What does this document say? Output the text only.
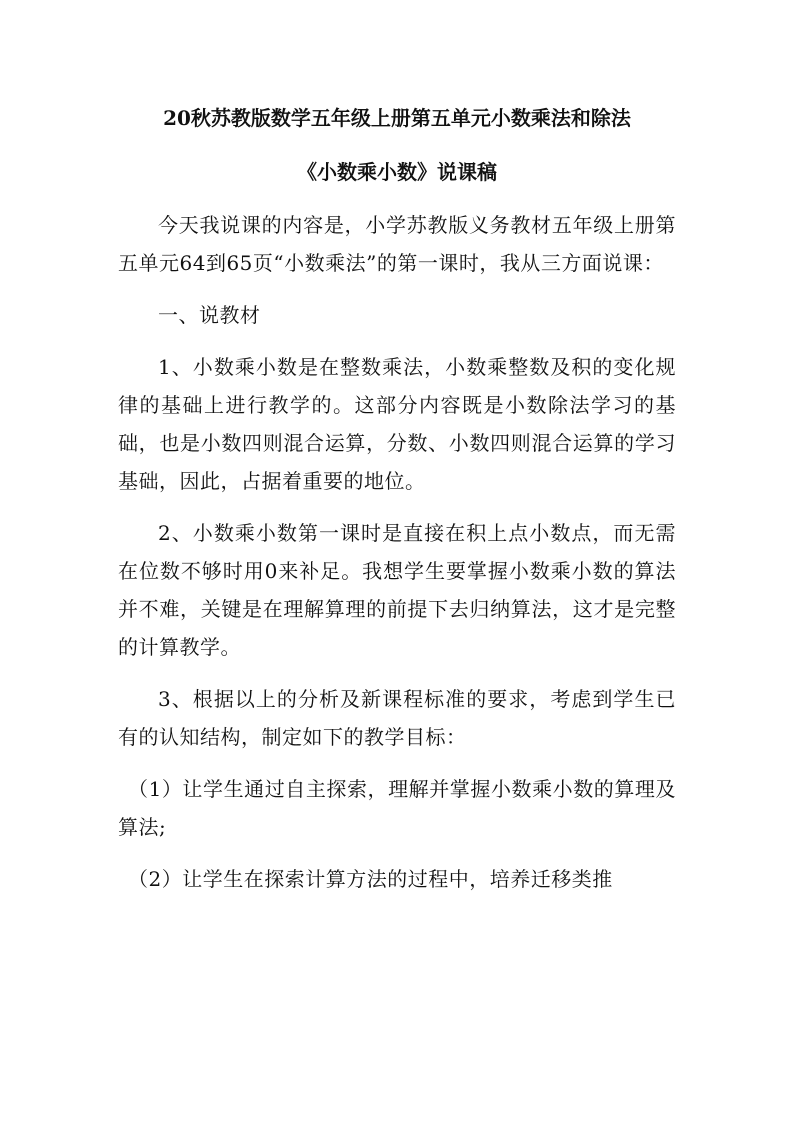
20秋苏教版数学五年级上册第五单元小数乘法和除法
《小数乘小数》说课稿

今天我说课的内容是，小学苏教版义务教材五年级上册第五单元64到65页“小数乘法”的第一课时，我从三方面说课：

一、说教材

1、小数乘小数是在整数乘法，小数乘整数及积的变化规律的基础上进行教学的。这部分内容既是小数除法学习的基础，也是小数四则混合运算，分数、小数四则混合运算的学习基础，因此，占据着重要的地位。

2、小数乘小数第一课时是直接在积上点小数点，而无需在位数不够时用0来补足。我想学生要掌握小数乘小数的算法并不难，关键是在理解算理的前提下去归纳算法，这才是完整的计算教学。

3、根据以上的分析及新课程标准的要求，考虑到学生已有的认知结构，制定如下的教学目标：

（1）让学生通过自主探索，理解并掌握小数乘小数的算理及算法;

（2）让学生在探索计算方法的过程中，培养迁移类推
